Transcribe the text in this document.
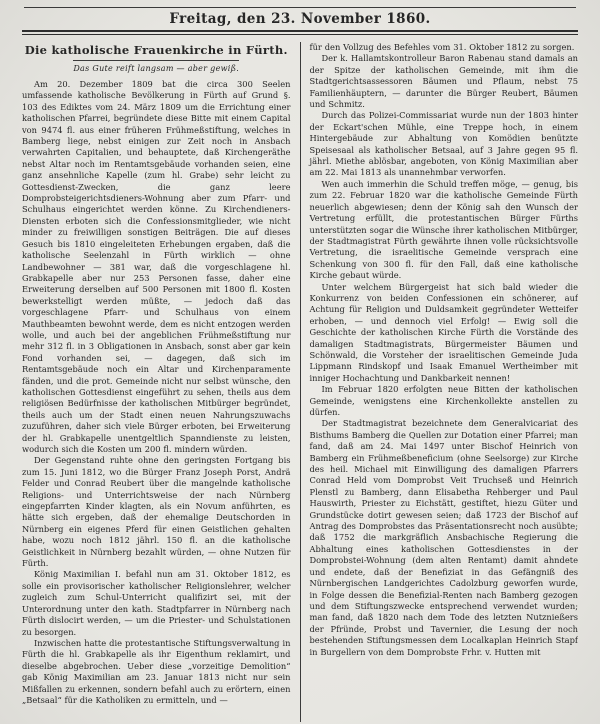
Freitag, den 23. November 1860.
Die katholische Frauenkirche in Fürth.
Das Gute reift langsam — aber gewiß.

Am 20. Dezember 1809 bat die circa 300 Seelen umfassende katholische Bevölkerung in Fürth auf Grund §. 103 des Ediktes vom 24. März 1809 um die Errichtung einer katholischen Pfarrei, begründete diese Bitte mit einem Capital von 9474 fl. aus einer früheren Frühmeßstiftung, welches in Bamberg liege, nebst einigen zur Zeit noch in Ansbach verwahrten Capitalien, und behauptete, daß Kirchengeräthe nebst Altar noch im Rentamtsgebäude vorhanden seien, eine ganz ansehnliche Kapelle (zum hl. Grabe) sehr leicht zu Gottesdienst-Zwecken, die ganz leere Domprobsteigerichtsdieners-Wohnung aber zum Pfarr- und Schulhaus eingerichtet werden könne. Zu Kirchendieners-Diensten erboten sich die Confessionsmitglieder, wie nicht minder zu freiwilligen sonstigen Beiträgen. Die auf dieses Gesuch bis 1810 eingeleiteten Erhebungen ergaben, daß die katholische Seelenzahl in Fürth wirklich — ohne Landbewohner — 381 war, daß die vorgeschlagene hl. Grabkapelle aber nur 253 Personen fasse, daher eine Erweiterung derselben auf 500 Personen mit 1800 fl. Kosten bewerkstelligt werden müßte, — jedoch daß das vorgeschlagene Pfarr- und Schulhaus von einem Mauthbeamten bewohnt werde, dem es nicht entzogen werden wolle, und auch bei der angeblichen Frühmeßstiftung nur mehr 312 fl. in 3 Obligationen in Ansbach, sonst aber gar kein Fond vorhanden sei, — dagegen, daß sich im Rentamtsgebäude noch ein Altar und Kirchenparamente fänden, und die prot. Gemeinde nicht nur selbst wünsche, den katholischen Gottesdienst eingeführt zu sehen, theils aus dem religiösen Bedürfnisse der katholischen Mitbürger begründet, theils auch um der Stadt einen neuen Nahrungszuwachs zuzuführen, daher sich viele Bürger erboten, bei Erweiterung der hl. Grabkapelle unentgeltlich Spanndienste zu leisten, wodurch sich die Kosten um 200 fl. mindern würden.

Der Gegenstand ruhte ohne den geringsten Fortgang bis zum 15. Juni 1812, wo die Bürger Franz Joseph Porst, Andrä Felder und Conrad Reubert über die mangelnde katholische Religions- und Unterrichtsweise der nach Nürnberg eingepfarrten Kinder klagten, als ein Novum anführten, es hätte sich ergeben, daß der ehemalige Deutschorden in Nürnberg ein eigenes Pferd für einen Geistlichen gehalten habe, wozu noch 1812 jährl. 150 fl. an die katholische Geistlichkeit in Nürnberg bezahlt würden, — ohne Nutzen für Fürth.

König Maximilian I. befahl nun am 31. Oktober 1812, es solle ein provisorischer katholischer Religionslehrer, welcher zugleich zum Schul-Unterricht qualifizirt sei, mit der Unterordnung unter den kath. Stadtpfarrer in Nürnberg nach Fürth dislocirt werden, — um die Priester- und Schulstationen zu besorgen.

Inzwischen hatte die protestantische Stiftungsverwaltung in Fürth die hl. Grabkapelle als ihr Eigenthum reklamirt, und dieselbe abgebrochen. Ueber diese „vorzeitige Demolition“ gab König Maximilian am 23. Januar 1813 nicht nur sein Mißfallen zu erkennen, sondern befahl auch zu erörtern, einen „Betsaal“ für die Katholiken zu ermitteln, und —

für den Vollzug des Befehles vom 31. Oktober 1812 zu sorgen.

Der k. Hallamtskontrolleur Baron Rabenau stand damals an der Spitze der katholischen Gemeinde, mit ihm die Stadtgerichtsassessoren Bäumen und Pflaum, nebst 75 Familienhäuptern, — darunter die Bürger Reubert, Bäumen und Schmitz.

Durch das Polizei-Commissariat wurde nun der 1803 hinter der Eckart'schen Mühle, eine Treppe hoch, in einem Hintergebäude zur Abhaltung von Komödien benützte Speisesaal als katholischer Betsaal, auf 3 Jahre gegen 95 fl. jährl. Miethe ablösbar, angeboten, von König Maximilian aber am 22. Mai 1813 als unannehmbar verworfen.

Wen auch immerhin die Schuld treffen möge, — genug, bis zum 22. Februar 1820 war die katholische Gemeinde Fürth neuerlich abgewiesen; denn der König sah den Wunsch der Vertretung erfüllt, die protestantischen Bürger Fürths unterstützten sogar die Wünsche ihrer katholischen Mitbürger, der Stadtmagistrat Fürth gewährte ihnen volle rücksichtsvolle Vertretung, die israelitische Gemeinde versprach eine Schenkung von 300 fl. für den Fall, daß eine katholische Kirche gebaut würde.

Unter welchem Bürgergeist hat sich bald wieder die Konkurrenz von beiden Confessionen ein schönerer, auf Achtung für Religion und Duldsamkeit gegründeter Wetteifer erhoben, — und dennoch viel Erfolg! — Ewig soll die Geschichte der katholischen Kirche Fürth die Vorstände des damaligen Stadtmagistrats, Bürgermeister Bäumen und Schönwald, die Vorsteher der israelitischen Gemeinde Juda Lippmann Rindskopf und Isaak Emanuel Wertheimber mit inniger Hochachtung und Dankbarkeit nennen!

Im Februar 1820 erfolgten neue Bitten der katholischen Gemeinde, wenigstens eine Kirchenkollekte anstellen zu dürfen.

Der Stadtmagistrat bezeichnete dem Generalvicariat des Bisthums Bamberg die Quellen zur Dotation einer Pfarrei; man fand, daß am 24. Mai 1497 unter Bischof Heinrich von Bamberg ein Frühmeßbeneficium (ohne Seelsorge) zur Kirche des heil. Michael mit Einwilligung des damaligen Pfarrers Conrad Held vom Domprobst Veit Truchseß und Heinrich Plenstl zu Bamberg, dann Elisabetha Rehberger und Paul Hauswirth, Priester zu Eichstätt, gestiftet, hiezu Güter und Grundstücke dotirt gewesen seien; daß 1723 der Bischof auf Antrag des Domprobstes das Präsentationsrecht noch ausübte; daß 1752 die markgräflich Ansbachische Regierung die Abhaltung eines katholischen Gottesdienstes in der Domprobstei-Wohnung (dem alten Rentamt) damit ahndete und endete, daß der Benefiziat in das Gefängniß des Nürnbergischen Landgerichtes Cadolzburg geworfen wurde, in Folge dessen die Benefizial-Renten nach Bamberg gezogen und dem Stiftungszwecke entsprechend verwendet wurden; man fand, daß 1820 nach dem Tode des letzten Nutznießers der Pfründe, Probst und Tavernier, die Lesung der noch bestehenden Stiftungsmessen dem Localkaplan Heinrich Stapf in Burgellern von dem Domprobste Frhr. v. Hutten mit
